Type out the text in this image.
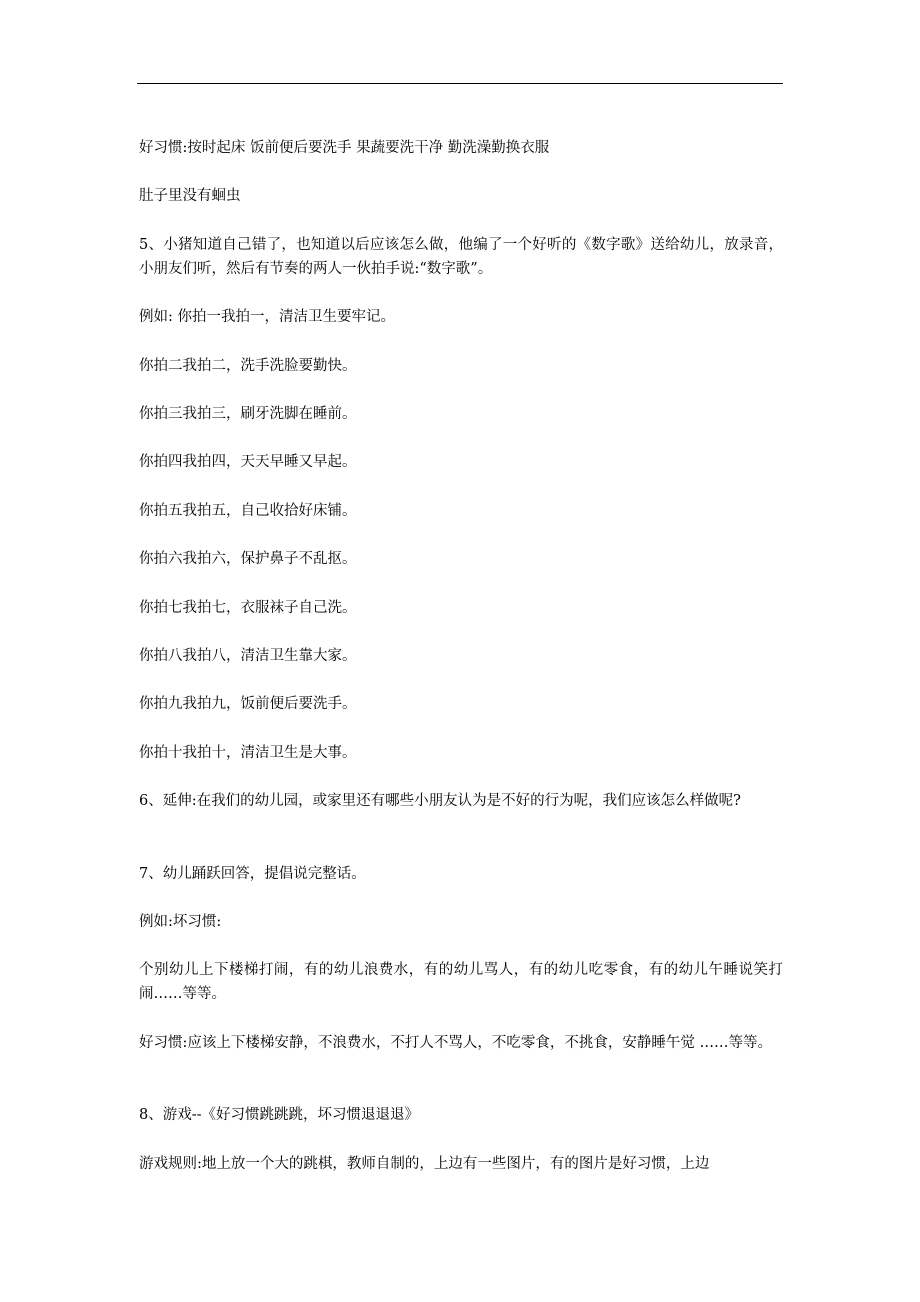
好习惯:按时起床 饭前便后要洗手 果蔬要洗干净 勤洗澡勤换衣服

肚子里没有蛔虫

5、小猪知道自己错了，也知道以后应该怎么做，他编了一个好听的《数字歌》送给幼儿，放录音，小朋友们听，然后有节奏的两人一伙拍手说:“数字歌”。

例如: 你拍一我拍一，清洁卫生要牢记。

你拍二我拍二，洗手洗脸要勤快。

你拍三我拍三，刷牙洗脚在睡前。

你拍四我拍四，天天早睡又早起。

你拍五我拍五，自己收拾好床铺。

你拍六我拍六，保护鼻子不乱抠。

你拍七我拍七，衣服袜子自己洗。

你拍八我拍八，清洁卫生靠大家。

你拍九我拍九，饭前便后要洗手。

你拍十我拍十，清洁卫生是大事。

6、延伸:在我们的幼儿园，或家里还有哪些小朋友认为是不好的行为呢，我们应该怎么样做呢?

7、幼儿踊跃回答，提倡说完整话。

例如:坏习惯:

个别幼儿上下楼梯打闹，有的幼儿浪费水，有的幼儿骂人，有的幼儿吃零食，有的幼儿午睡说笑打闹……等等。

好习惯:应该上下楼梯安静，不浪费水，不打人不骂人，不吃零食，不挑食，安静睡午觉 ……等等。

8、游戏--《好习惯跳跳跳，坏习惯退退退》

游戏规则:地上放一个大的跳棋，教师自制的，上边有一些图片，有的图片是好习惯，上边
